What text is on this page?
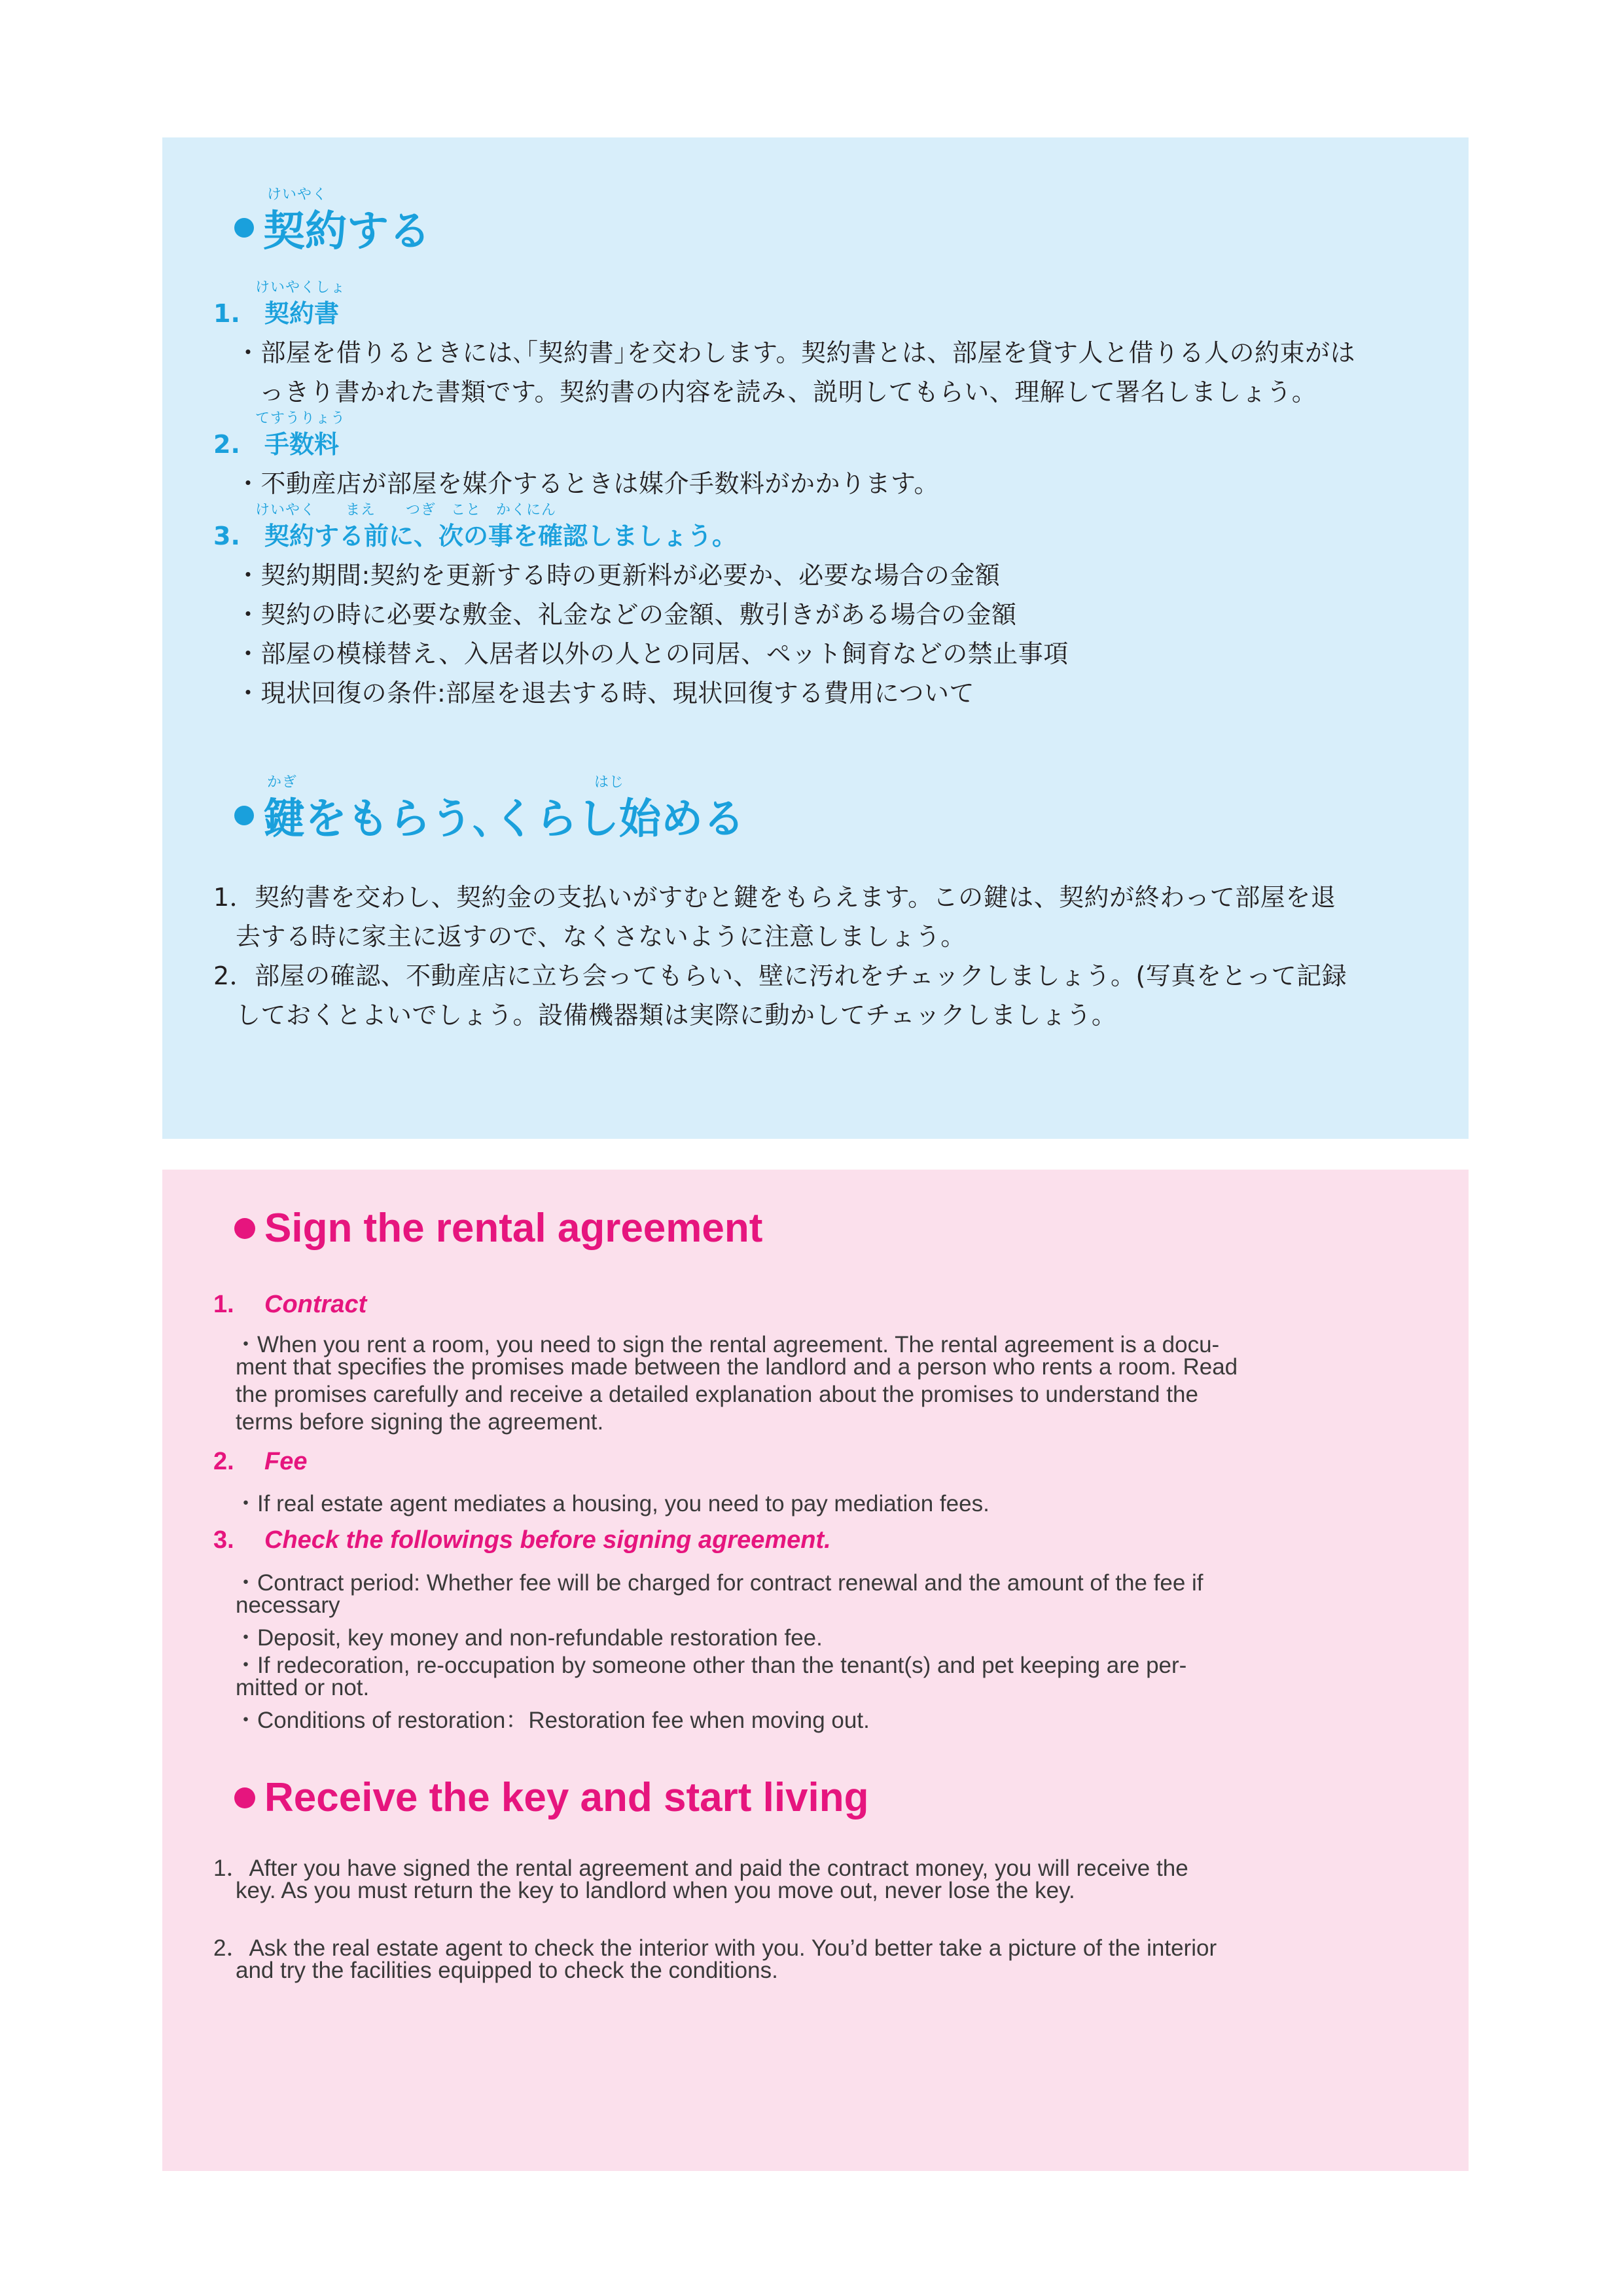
けいやく
契約する
けいやくしょ
1. 契約書
・部屋を借りるときには､｢契約書｣を交わします。契約書とは、部屋を貸す人と借りる人の約束がは
っきり書かれた書類です。契約書の内容を読み、説明してもらい、理解して署名しましょう。
てすうりょう
2. 手数料
・不動産店が部屋を媒介するときは媒介手数料がかかります。
けいやく　　まえ　　つぎ　こと　かくにん
3. 契約する前に、次の事を確認しましょう。
・契約期間:契約を更新する時の更新料が必要か、必要な場合の金額
・契約の時に必要な敷金、礼金などの金額、敷引きがある場合の金額
・部屋の模様替え、入居者以外の人との同居、ペット飼育などの禁止事項
・現状回復の条件:部屋を退去する時、現状回復する費用について
かぎ	はじ
鍵をもらう､くらし始める
1．契約書を交わし、契約金の支払いがすむと鍵をもらえます。この鍵は、契約が終わって部屋を退
去する時に家主に返すので、なくさないように注意しましょう。
2．部屋の確認、不動産店に立ち会ってもらい、壁に汚れをチェックしましょう。(写真をとって記録
しておくとよいでしょう。設備機器類は実際に動かしてチェックしましょう。
Sign the rental agreement
1. Contract
・When you rent a room, you need to sign the rental agreement. The rental agreement is a docu-
ment that specifies the promises made between the landlord and a person who rents a room. Read
the promises carefully and receive a detailed explanation about the promises to understand the
terms before signing the agreement.
2. Fee
・If real estate agent mediates a housing, you need to pay mediation fees.
3. Check the followings before signing agreement.
・Contract period: Whether fee will be charged for contract renewal and the amount of the fee if
necessary
・Deposit, key money and non-refundable restoration fee.
・If redecoration, re-occupation by someone other than the tenant(s) and pet keeping are per-
mitted or not.
・Conditions of restoration：Restoration fee when moving out.
Receive the key and start living
1．After you have signed the rental agreement and paid the contract money, you will receive the
key. As you must return the key to landlord when you move out, never lose the key.
2．Ask the real estate agent to check the interior with you. You’d better take a picture of the interior
and try the facilities equipped to check the conditions.
